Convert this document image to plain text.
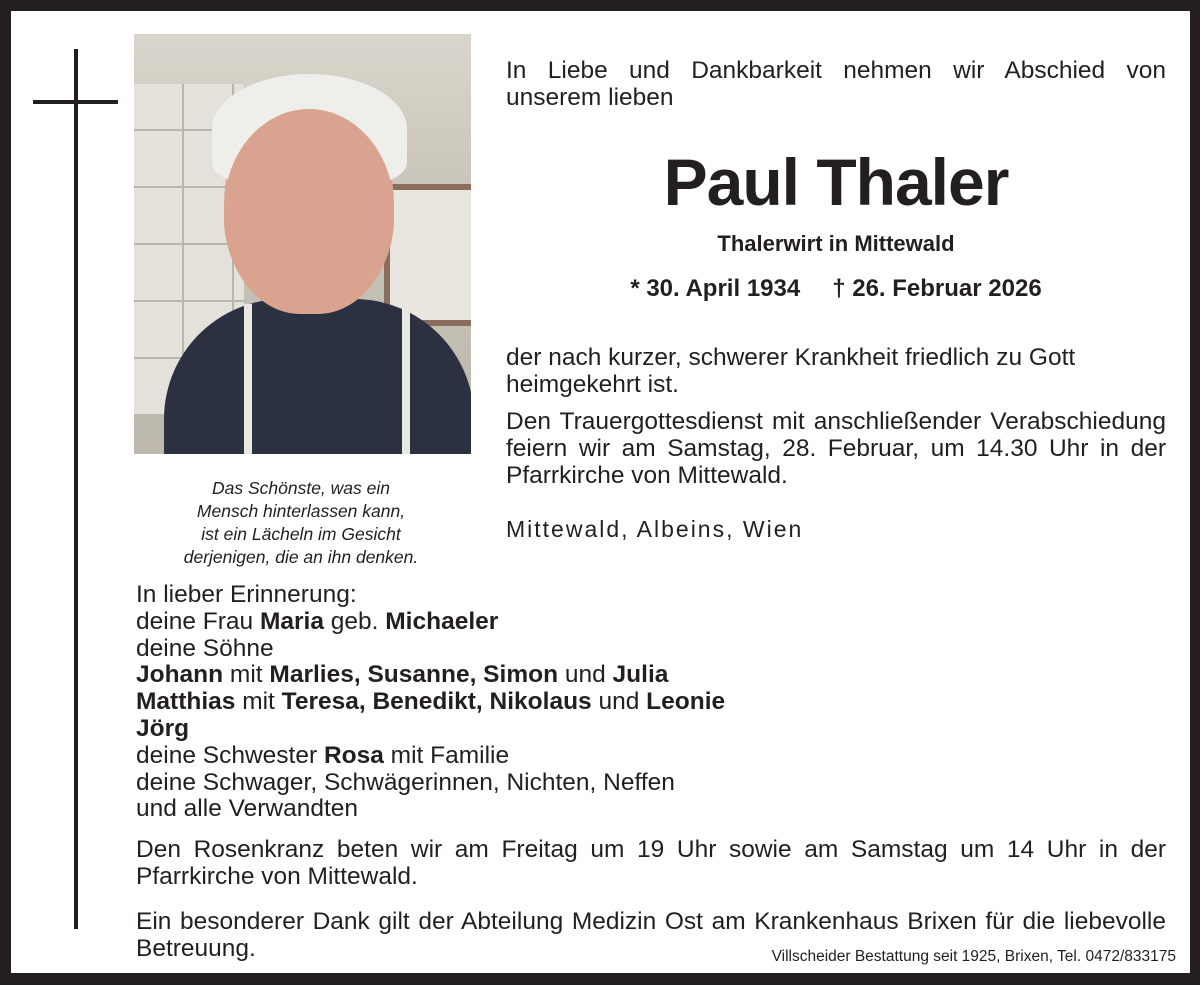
Das Schönste, was ein
Mensch hinterlassen kann,
ist ein Lächeln im Gesicht
derjenigen, die an ihn denken.
In Liebe und Dankbarkeit nehmen wir Abschied von unserem lieben
Paul Thaler
Thalerwirt in Mittewald
* 30. April 1934 † 26. Februar 2026
der nach kurzer, schwerer Krankheit friedlich zu Gott heimgekehrt ist.
Den Trauergottesdienst mit anschließender Verabschiedung feiern wir am Samstag, 28. Februar, um 14.30 Uhr in der Pfarrkirche von Mittewald.
Mittewald, Albeins, Wien
In lieber Erinnerung:
deine Frau Maria geb. Michaeler
deine Söhne
Johann mit Marlies, Susanne, Simon und Julia
Matthias mit Teresa, Benedikt, Nikolaus und Leonie
Jörg
deine Schwester Rosa mit Familie
deine Schwager, Schwägerinnen, Nichten, Neffen
und alle Verwandten
Den Rosenkranz beten wir am Freitag um 19 Uhr sowie am Samstag um 14 Uhr in der Pfarrkirche von Mittewald.
Ein besonderer Dank gilt der Abteilung Medizin Ost am Krankenhaus Brixen für die liebevolle Betreuung.	Villscheider Bestattung seit 1925, Brixen, Tel. 0472/833175
